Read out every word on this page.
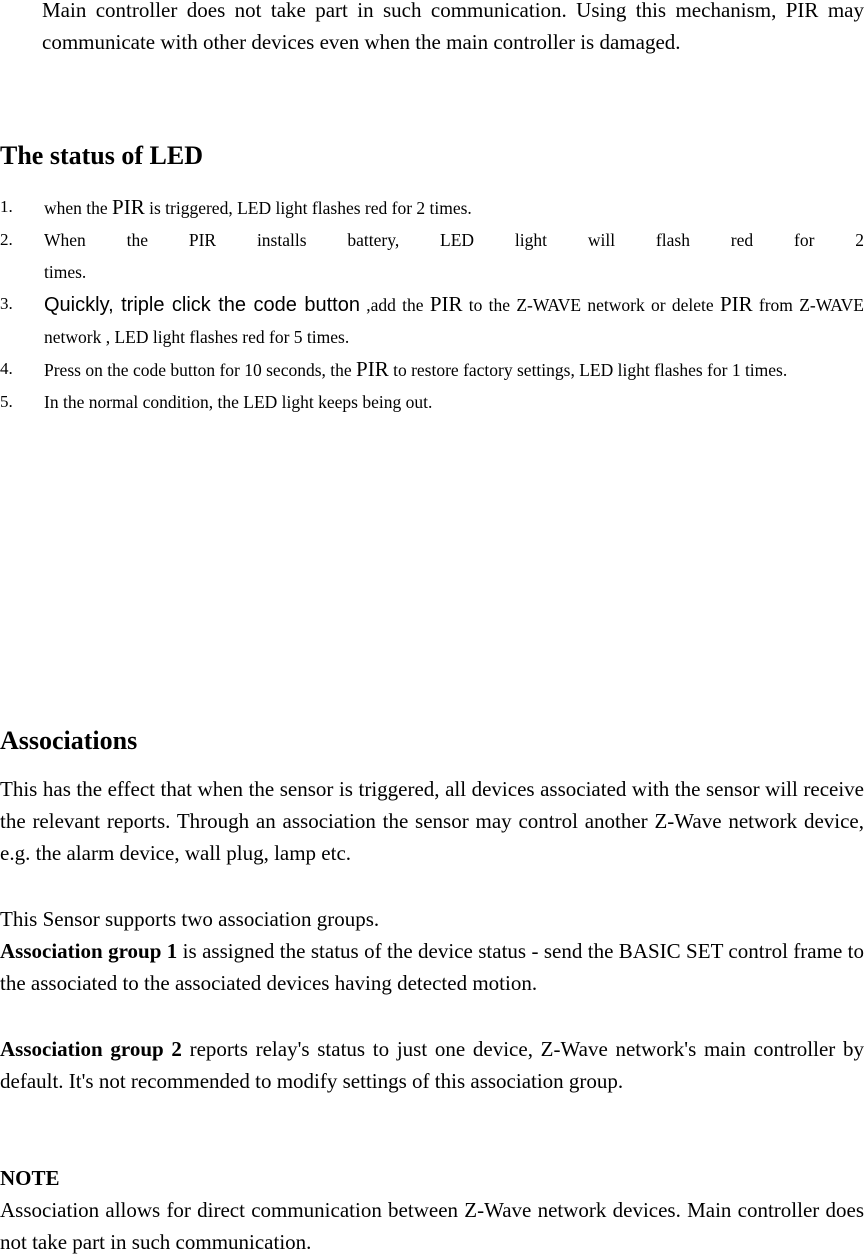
Main controller does not take part in such communication. Using this mechanism, PIR may communicate with other devices even when the main controller is damaged.

The status of LED
1. when the PIR is triggered, LED light flashes red for 2 times.
2. When the PIR installs battery, LED light will flash red for 2 times.
3. Quickly, triple click the code button ,add the PIR to the Z-WAVE network or delete PIR from Z-WAVE network , LED light flashes red for 5 times.
4. Press on the code button for 10 seconds, the PIR to restore factory settings, LED light flashes for 1 times.
5. In the normal condition, the LED light keeps being out.
Associations

This has the effect that when the sensor is triggered, all devices associated with the sensor will receive the relevant reports. Through an association the sensor may control another Z-Wave network device, e.g. the alarm device, wall plug, lamp etc.

This Sensor supports two association groups.

Association group 1 is assigned the status of the device status - send the BASIC SET control frame to the associated to the associated devices having detected motion.

Association group 2 reports relay's status to just one device, Z-Wave network's main controller by default. It's not recommended to modify settings of this association group.

NOTE

Association allows for direct communication between Z-Wave network devices. Main controller does not take part in such communication.
